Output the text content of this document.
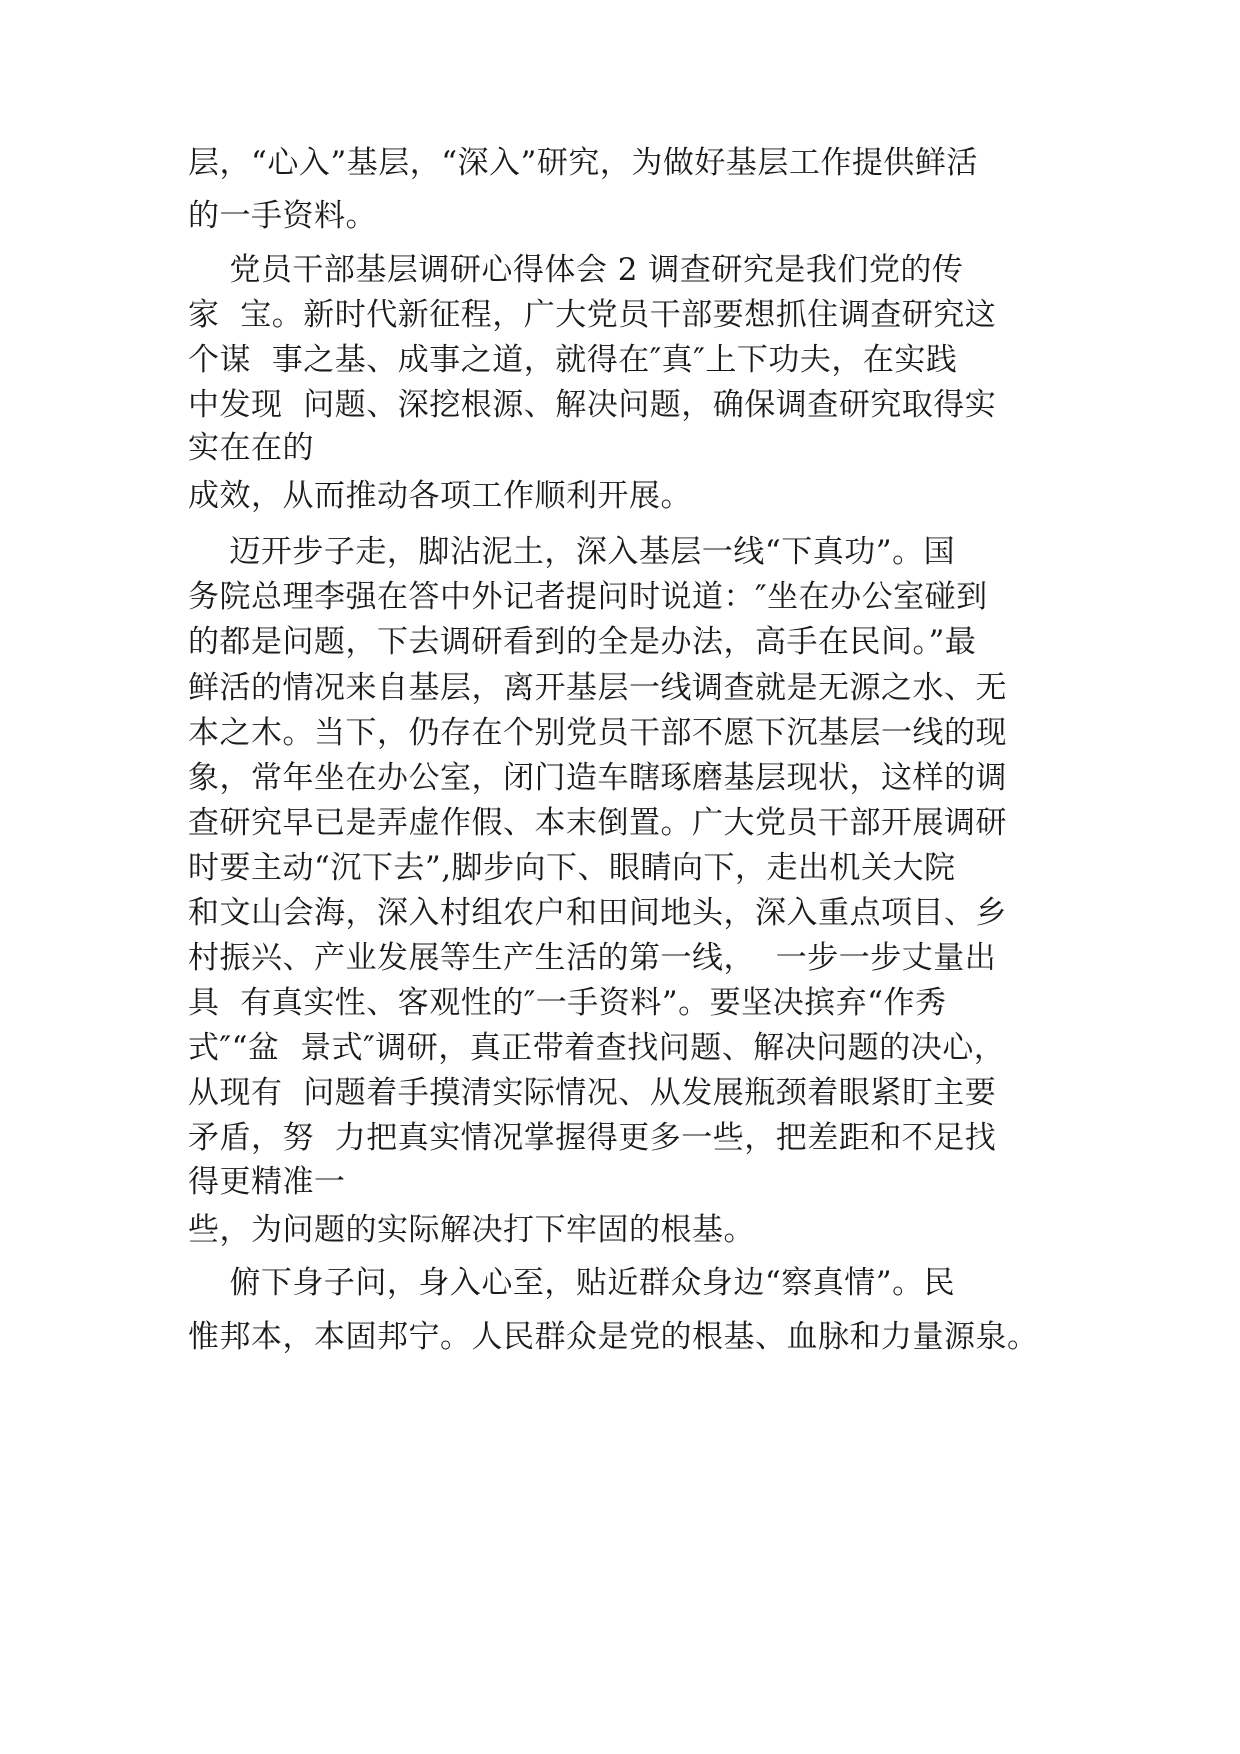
层，“心入”基层，“深入”研究，为做好基层工作提供鲜活
的一手资料。
党员干部基层调研心得体会 2 调查研究是我们党的传
家  宝。新时代新征程，广大党员干部要想抓住调查研究这
个谋  事之基、成事之道，就得在″真″上下功夫，在实践
中发现  问题、深挖根源、解决问题，确保调查研究取得实
实在在的
成效，从而推动各项工作顺利开展。
迈开步子走，脚沾泥土，深入基层一线“下真功”。国
务院总理李强在答中外记者提问时说道：″坐在办公室碰到
的都是问题，下去调研看到的全是办法，高手在民间。”最
鲜活的情况来自基层，离开基层一线调查就是无源之水、无
本之木。当下，仍存在个别党员干部不愿下沉基层一线的现
象，常年坐在办公室，闭门造车瞎琢磨基层现状，这样的调
查研究早已是弄虚作假、本末倒置。广大党员干部开展调研
时要主动“沉下去”,脚步向下、眼睛向下，走出机关大院
和文山会海，深入村组农户和田间地头，深入重点项目、乡
村振兴、产业发展等生产生活的第一线，  一步一步丈量出
具  有真实性、客观性的″一手资料”。要坚决摈弃“作秀
式″“盆  景式″调研，真正带着查找问题、解决问题的决心，
从现有  问题着手摸清实际情况、从发展瓶颈着眼紧盯主要
矛盾，努  力把真实情况掌握得更多一些，把差距和不足找
得更精准一
些，为问题的实际解决打下牢固的根基。
俯下身子问，身入心至，贴近群众身边“察真情”。民
惟邦本，本固邦宁。人民群众是党的根基、血脉和力量源泉。
